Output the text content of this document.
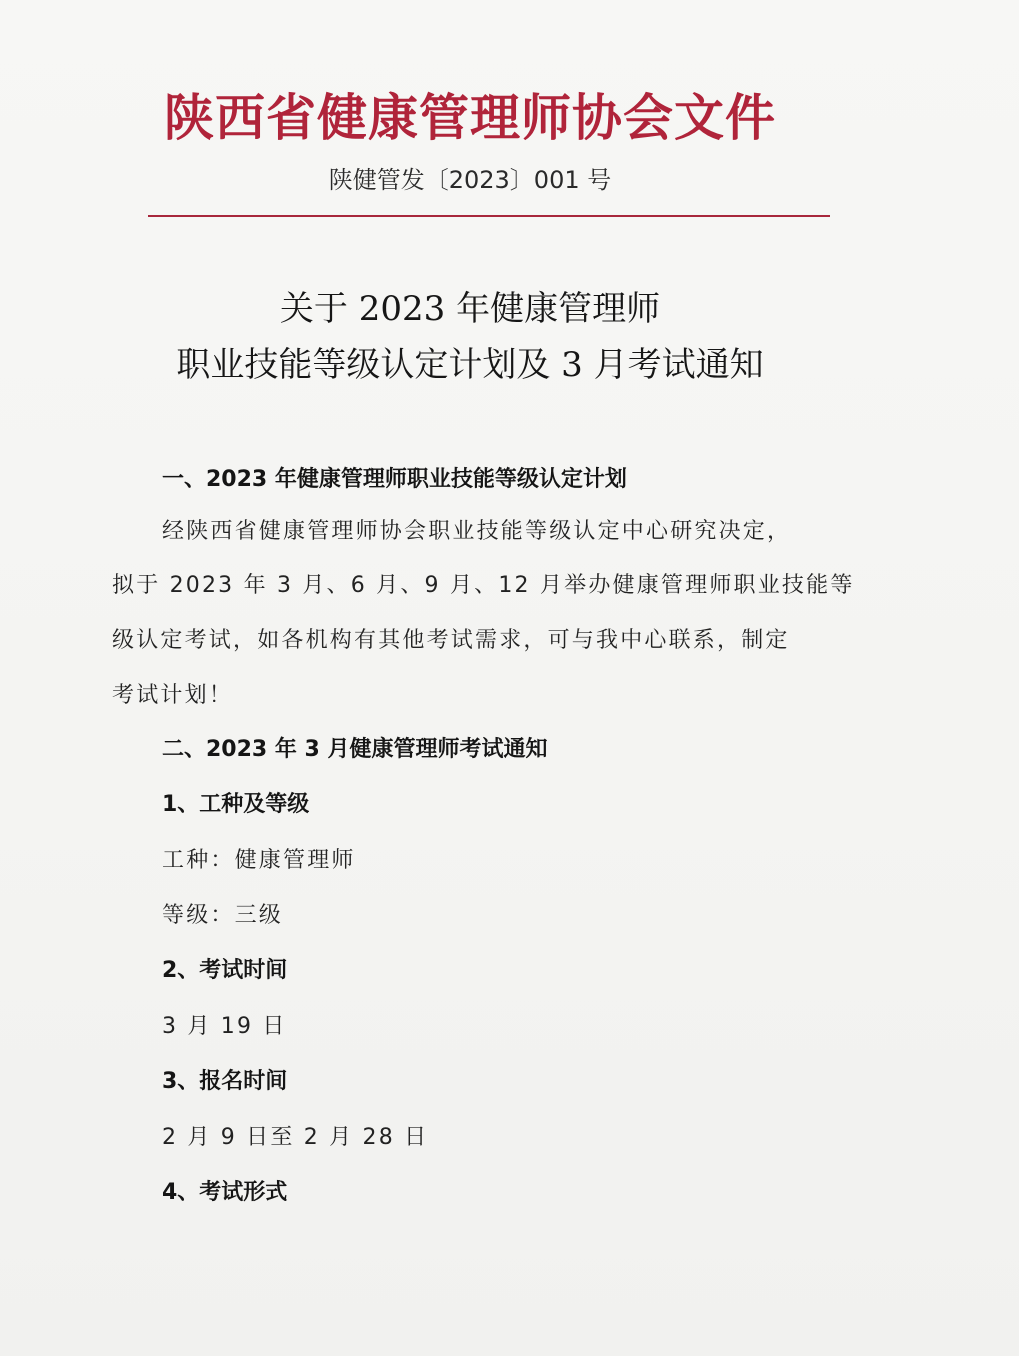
陕西省健康管理师协会文件
陕健管发〔2023〕001 号
关于 2023 年健康管理师
职业技能等级认定计划及 3 月考试通知
一、2023 年健康管理师职业技能等级认定计划
经陕西省健康管理师协会职业技能等级认定中心研究决定，
拟于 2023 年 3 月、6 月、9 月、12 月举办健康管理师职业技能等
级认定考试，如各机构有其他考试需求，可与我中心联系，制定
考试计划！
二、2023 年 3 月健康管理师考试通知
1、工种及等级
工种：健康管理师
等级：三级
2、考试时间
3 月 19 日
3、报名时间
2 月 9 日至 2 月 28 日
4、考试形式
